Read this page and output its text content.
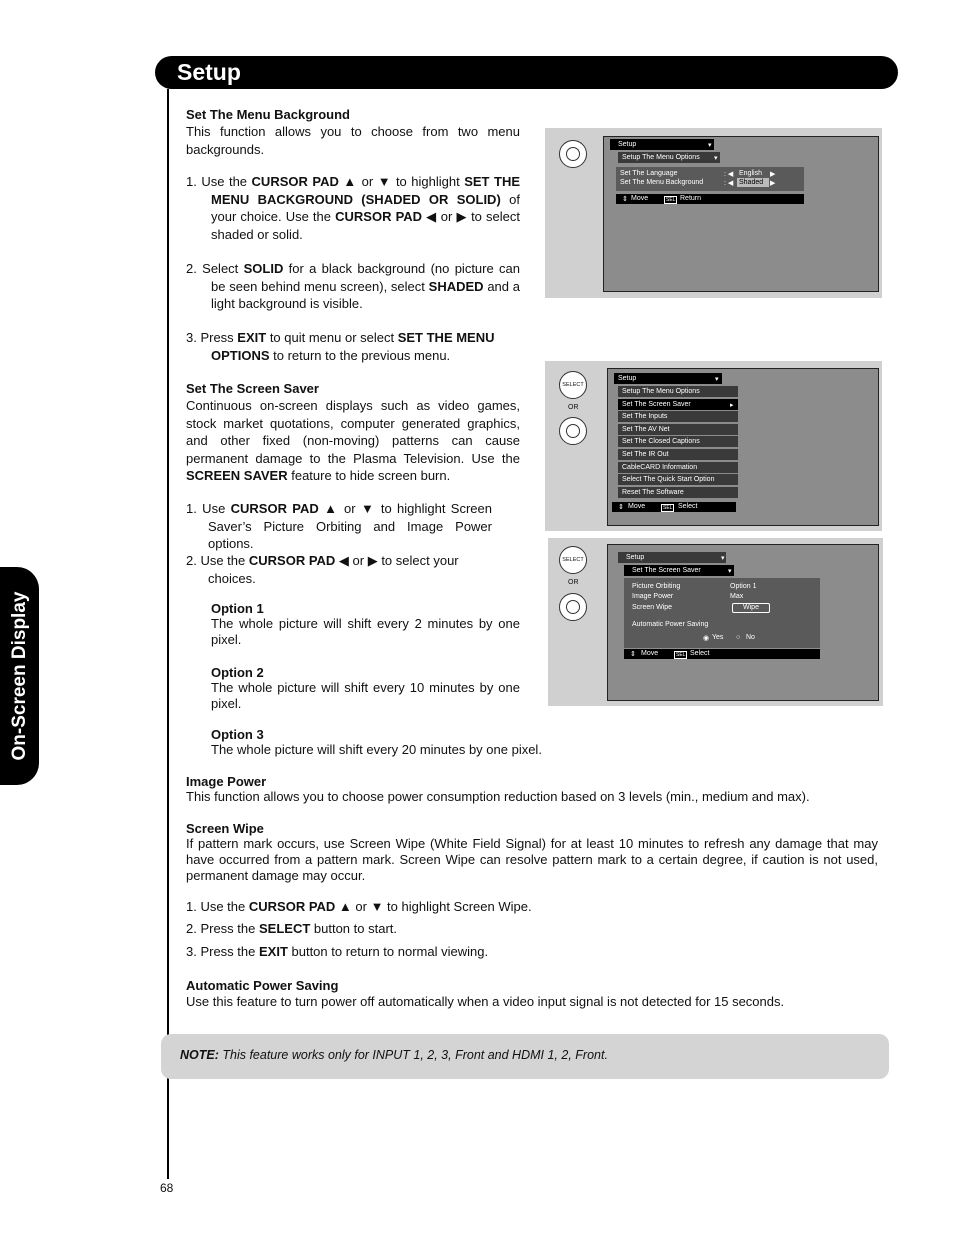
Setup
On-Screen Display
Set The Menu Background
This function allows you to choose from two menu backgrounds.
1. Use the CURSOR PAD ▲ or ▼ to highlight SET THE MENU BACKGROUND (SHADED OR SOLID) of your choice. Use the CURSOR PAD ◀ or ▶ to select shaded or solid.
2. Select SOLID for a black background (no picture can be seen behind menu screen), select SHADED and a light background is visible.
3. Press EXIT to quit menu or select SET THE MENU OPTIONS to return to the previous menu.
Set The Screen Saver
Continuous on-screen displays such as video games, stock market quotations, computer generated graphics, and other fixed (non-moving) patterns can cause permanent damage to the Plasma Television. Use the SCREEN SAVER feature to hide screen burn.
1. Use CURSOR PAD ▲ or ▼ to highlight Screen Saver’s Picture Orbiting and Image Power options.
2. Use the CURSOR PAD ◀ or ▶ to select your choices.
Option 1
The whole picture will shift every 2 minutes by one pixel.
Option 2
The whole picture will shift every 10 minutes by one pixel.
Option 3
The whole picture will shift every 20 minutes by one pixel.
Image Power
This function allows you to choose power consumption reduction based on 3 levels (min., medium and max).
Screen Wipe
If pattern mark occurs, use Screen Wipe (White Field Signal) for at least 10 minutes to refresh any damage that may have occurred from a pattern mark. Screen Wipe can resolve pattern mark to a certain degree, if caution is not used, permanent damage may occur.
1. Use the CURSOR PAD ▲ or ▼ to highlight Screen Wipe.
2. Press the SELECT button to start.
3. Press the EXIT button to return to normal viewing.
Automatic Power Saving
Use this feature to turn power off automatically when a video input signal is not detected for 15 seconds.
NOTE: This feature works only for INPUT 1, 2, 3, Front and HDMI 1, 2, Front.
68
Setup	▾
Setup The Menu Options ▾
Set The Language	: ◀ English ▶
Set The Menu Background	: ◀ Shaded ▶
⇕ Move	SEL Return
SELECT
OR
Setup	▾
Setup The Menu Options
Set The Screen Saver	▸
Set The Inputs
Set The AV Net
Set The Closed Captions
Set The IR Out
CableCARD Information
Select The Quick Start Option
Reset The Software
⇕ Move	SEL Select
SELECT
OR
Setup	▾
Set The Screen Saver	▾
Picture Orbiting	Option 1
Image Power	Max
Screen Wipe	Wipe
Automatic Power Saving
◉ Yes ○ No
⇕ Move	SEL Select
